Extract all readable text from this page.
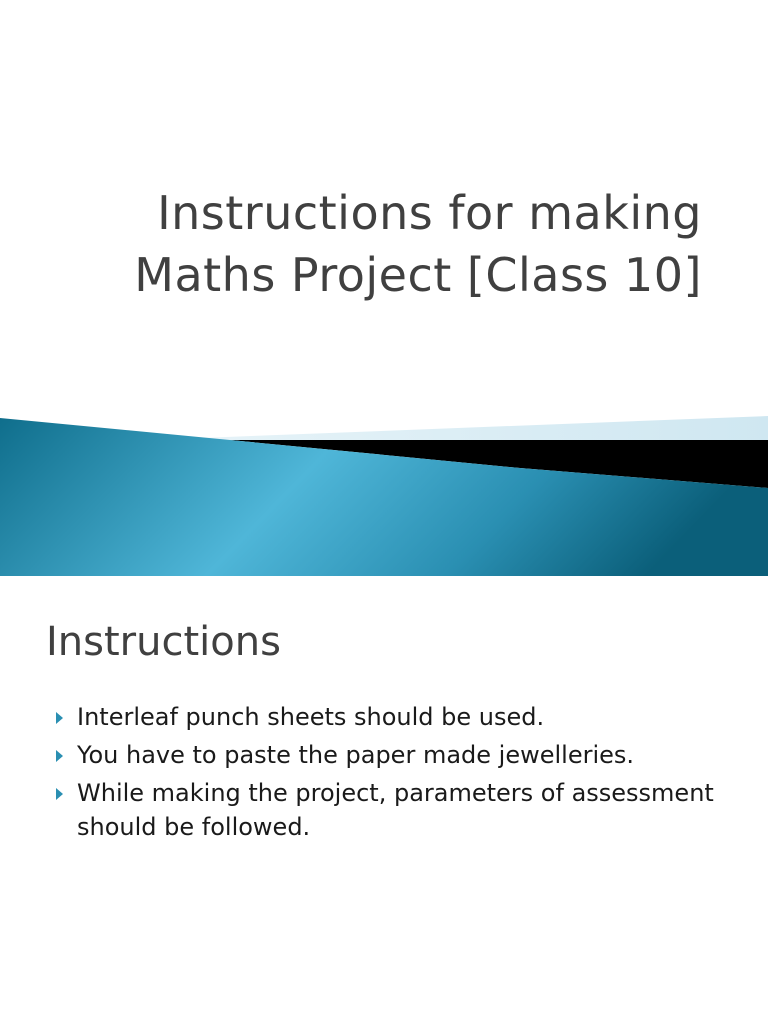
Instructions for making
Maths Project [Class 10]
Instructions
Interleaf punch sheets should be used.
You have to paste the paper made jewelleries.
While making the project, parameters of assessment should be followed.
